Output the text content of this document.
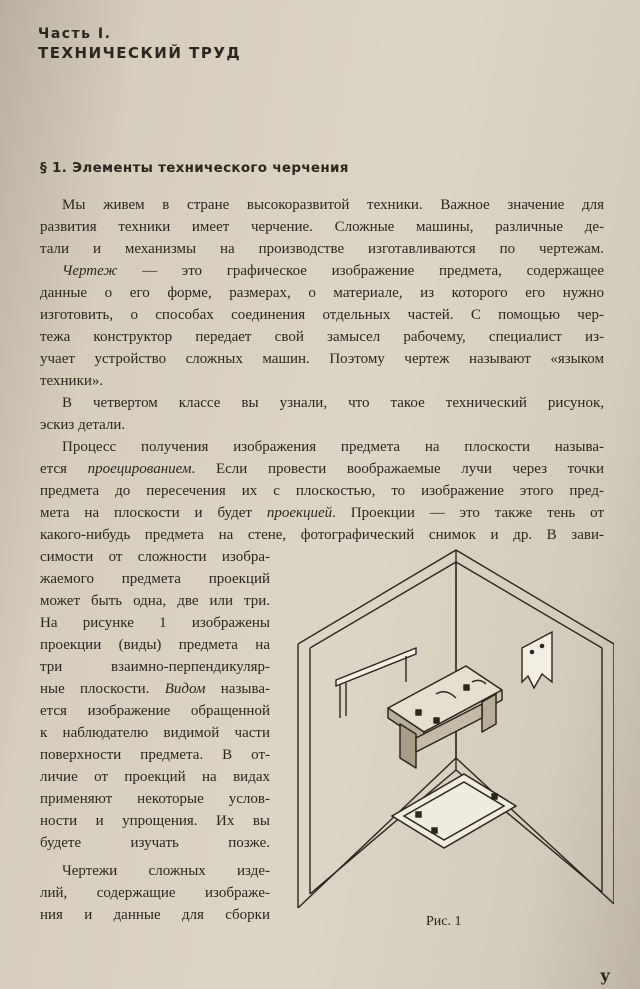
Часть I.
ТЕХНИЧЕСКИЙ ТРУД
§ 1. Элементы технического черчения
Мы живем в стране высокоразвитой техники. Важное значение для
развития техники имеет черчение. Сложные машины, различные де-
тали и механизмы на производстве изготавливаются по чертежам.
Чертеж — это графическое изображение предмета, содержащее
данные о его форме, размерах, о материале, из которого его нужно
изготовить, о способах соединения отдельных частей. С помощью чер-
тежа конструктор передает свой замысел рабочему, специалист из-
учает устройство сложных машин. Поэтому чертеж называют «языком
техники».
В четвертом классе вы узнали, что такое технический рисунок,
эскиз детали.
Процесс получения изображения предмета на плоскости называ-
ется проецированием. Если провести воображаемые лучи через точки
предмета до пересечения их с плоскостью, то изображение этого пред-
мета на плоскости и будет проекцией. Проекции — это также тень от
какого-нибудь предмета на стене, фотографический снимок и др. В зави-
симости от сложности изобра-
жаемого предмета проекций
может быть одна, две или три.
На рисунке 1 изображены
проекции (виды) предмета на
три взаимно-перпендикуляр-
ные плоскости. Видом называ-
ется изображение обращенной
к наблюдателю видимой части
поверхности предмета. В от-
личие от проекций на видах
применяют некоторые услов-
ности и упрощения. Их вы
будете изучать позже.
Чертежи сложных изде-
лий, содержащие изображе-
ния и данные для сборки	Рис. 1
у
